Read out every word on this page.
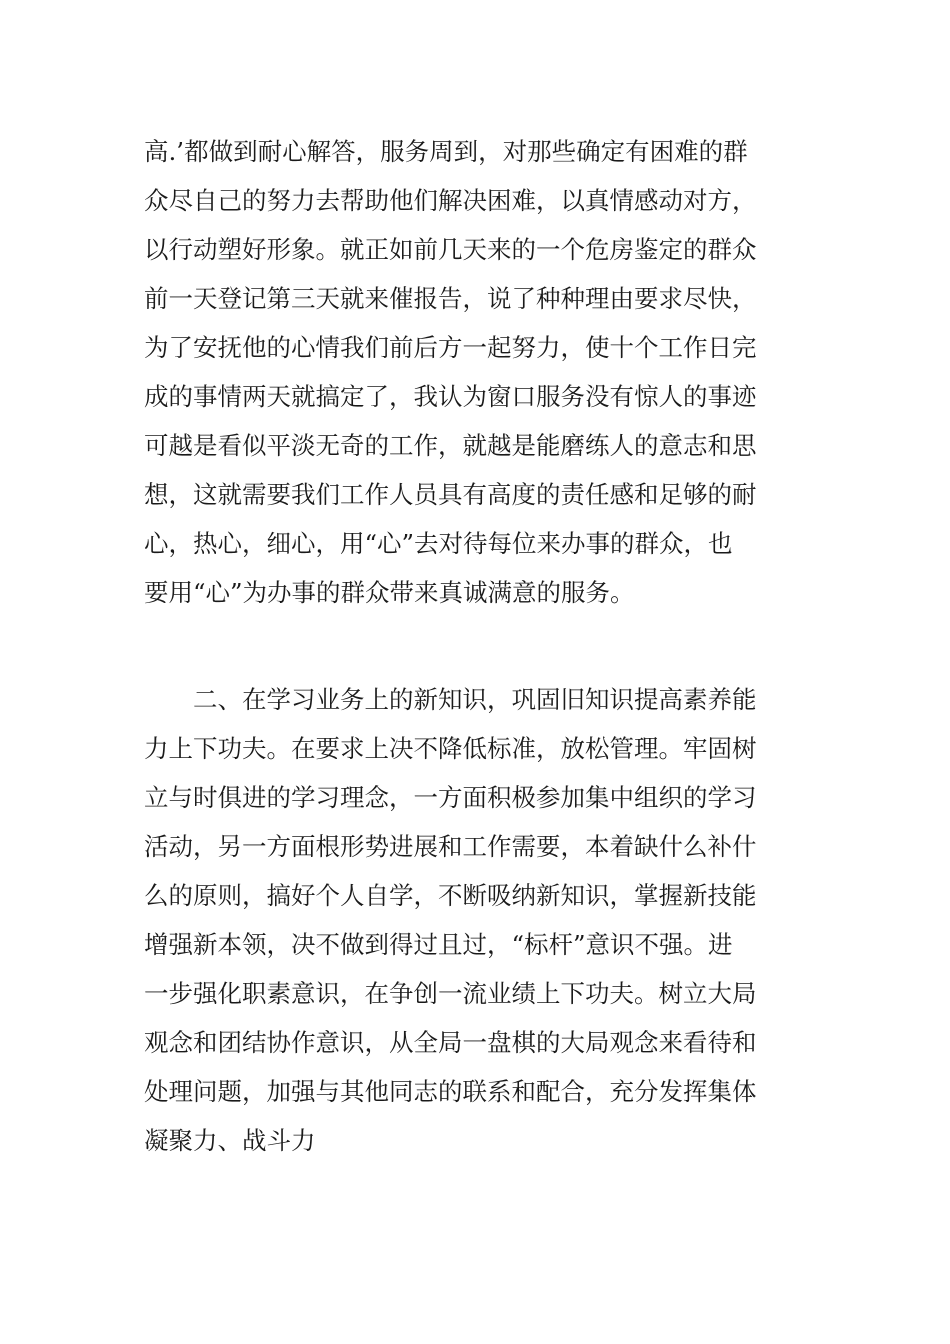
高.’都做到耐心解答，服务周到，对那些确定有困难的群
众尽自己的努力去帮助他们解决困难，以真情感动对方，
以行动塑好形象。就正如前几天来的一个危房鉴定的群众
前一天登记第三天就来催报告，说了种种理由要求尽快，
为了安抚他的心情我们前后方一起努力，使十个工作日完
成的事情两天就搞定了，我认为窗口服务没有惊人的事迹
可越是看似平淡无奇的工作，就越是能磨练人的意志和思
想，这就需要我们工作人员具有高度的责任感和足够的耐
心，热心，细心，用“心”去对待每位来办事的群众，也
要用“心”为办事的群众带来真诚满意的服务。
　　二、在学习业务上的新知识，巩固旧知识提高素养能
力上下功夫。在要求上决不降低标准，放松管理。牢固树
立与时俱进的学习理念，一方面积极参加集中组织的学习
活动，另一方面根形势进展和工作需要，本着缺什么补什
么的原则，搞好个人自学，不断吸纳新知识，掌握新技能
增强新本领，决不做到得过且过，“标杆”意识不强。进
一步强化职素意识，在争创一流业绩上下功夫。树立大局
观念和团结协作意识，从全局一盘棋的大局观念来看待和
处理问题，加强与其他同志的联系和配合，充分发挥集体
凝聚力、战斗力
